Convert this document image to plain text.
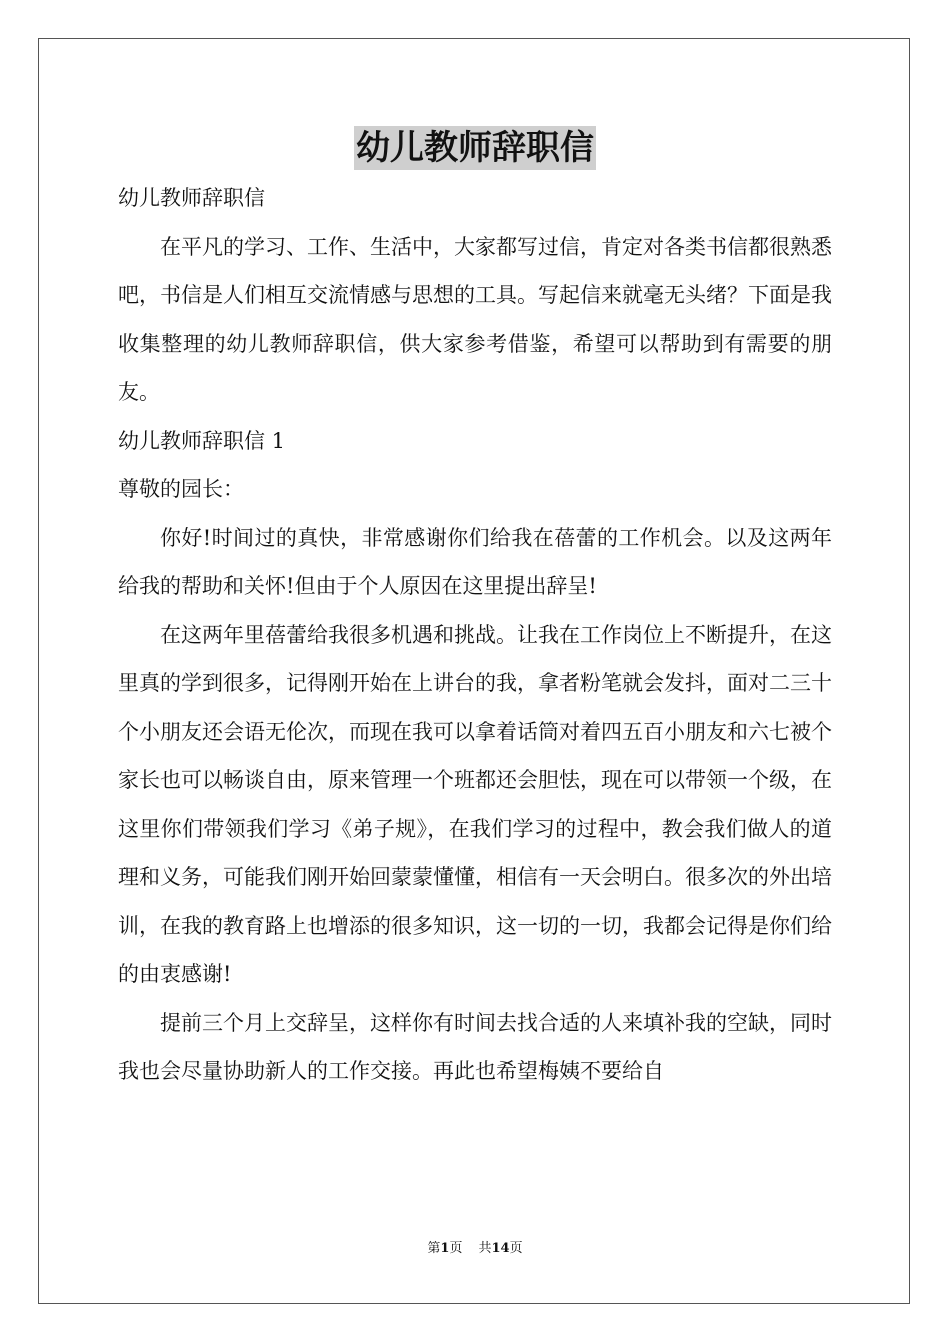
幼儿教师辞职信

幼儿教师辞职信

在平凡的学习、工作、生活中，大家都写过信，肯定对各类书信都很熟悉吧，书信是人们相互交流情感与思想的工具。写起信来就毫无头绪？下面是我收集整理的幼儿教师辞职信，供大家参考借鉴，希望可以帮助到有需要的朋友。

幼儿教师辞职信 1

尊敬的园长：

你好!时间过的真快，非常感谢你们给我在蓓蕾的工作机会。以及这两年给我的帮助和关怀!但由于个人原因在这里提出辞呈!

在这两年里蓓蕾给我很多机遇和挑战。让我在工作岗位上不断提升，在这里真的学到很多，记得刚开始在上讲台的我，拿者粉笔就会发抖，面对二三十个小朋友还会语无伦次，而现在我可以拿着话筒对着四五百小朋友和六七被个家长也可以畅谈自由，原来管理一个班都还会胆怯，现在可以带领一个级，在这里你们带领我们学习《弟子规》，在我们学习的过程中，教会我们做人的道理和义务，可能我们刚开始回蒙蒙懂懂，相信有一天会明白。很多次的外出培训，在我的教育路上也增添的很多知识，这一切的一切，我都会记得是你们给的由衷感谢!

提前三个月上交辞呈，这样你有时间去找合适的人来填补我的空缺，同时我也会尽量协助新人的工作交接。再此也希望梅姨不要给自

第1页 共14页
